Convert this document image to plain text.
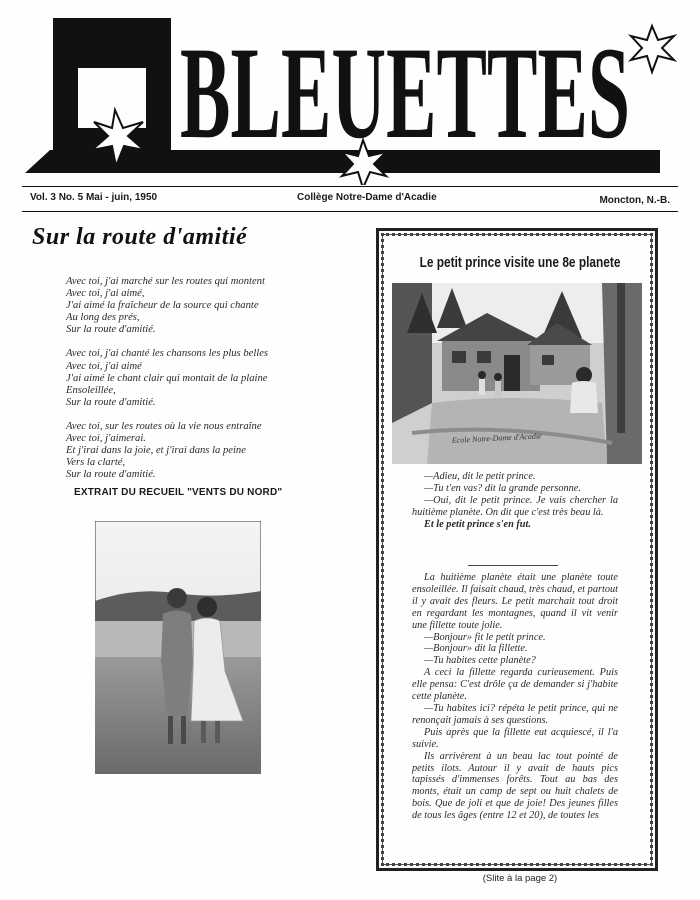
BLEUETTES
Vol. 3 No. 5 Mai - juin, 1950	Collège Notre-Dame d'Acadie	Moncton, N.-B.
Sur la route d'amitié
Avec toi, j'ai marché sur les routes qui montent
Avec toi, j'ai aimé,
J'ai aimé la fraîcheur de la source qui chante
Au long des prés,
Sur la route d'amitié.
Avec toi, j'ai chanté les chansons les plus belles
Avec toi, j'ai aimé
J'ai aimé le chant clair qui montait de la plaine
Ensoleillée,
Sur la route d'amitié.
Avec toi, sur les routes où la vie nous entraîne
Avec toi, j'aimerai.
Et j'irai dans la joie, et j'irai dans la peine
Vers la clarté,
Sur la route d'amitié.
EXTRAIT DU RECUEIL "VENTS DU NORD"
Le petit prince visite une 8e planete
Ecole Notre-Dame d'Acadie

—Adieu, dit le petit prince.

—Tu t'en vas? dit la grande personne.

—Oui, dit le petit prince. Je vais chercher la huitième planète. On dit que c'est très beau là.

Et le petit prince s'en fut.

La huitième planète était une planète toute ensoleillée. Il faisait chaud, très chaud, et partout il y avait des fleurs. Le petit marchait tout droit en regardant les montagnes, quand il vit venir une fillette toute jolie.

—Bonjour» fit le petit prince.

—Bonjour» dit la fillette.

—Tu habites cette planète?

A ceci la fillette regarda curieusement. Puis elle pensa: C'est drôle ça de demander si j'habite cette planète.

—Tu habites ici? répéta le petit prince, qui ne renonçait jamais à ses questions.

Puis après que la fillette eut acquiescé, il l'a suivie.

Ils arrivèrent à un beau lac tout pointé de petits ilots. Autour il y avait de hauts pics tapissés d'immenses forêts. Tout au bas des monts, était un camp de sept ou huit chalets de bois. Que de joli et que de joie! Des jeunes filles de tous les âges (entre 12 et 20), de toutes les

(Slite à la page 2)
